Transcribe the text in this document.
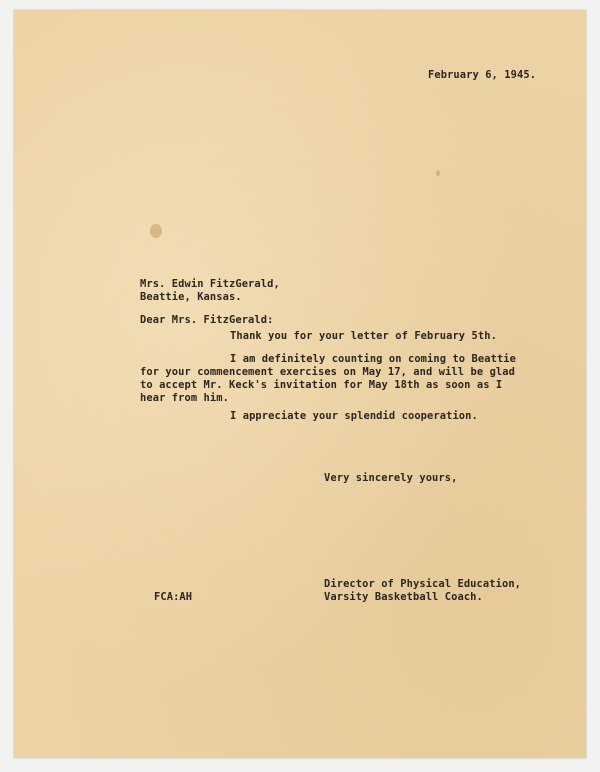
February 6, 1945.
Mrs. Edwin FitzGerald,
Beattie, Kansas.
Dear Mrs. FitzGerald:
Thank you for your letter of February 5th.
I am definitely counting on coming to Beattie
for your commencement exercises on May 17, and will be glad
to accept Mr. Keck's invitation for May 18th as soon as I
hear from him.
I appreciate your splendid cooperation.
Very sincerely yours,
FCA:AH
Director of Physical Education,
Varsity Basketball Coach.
